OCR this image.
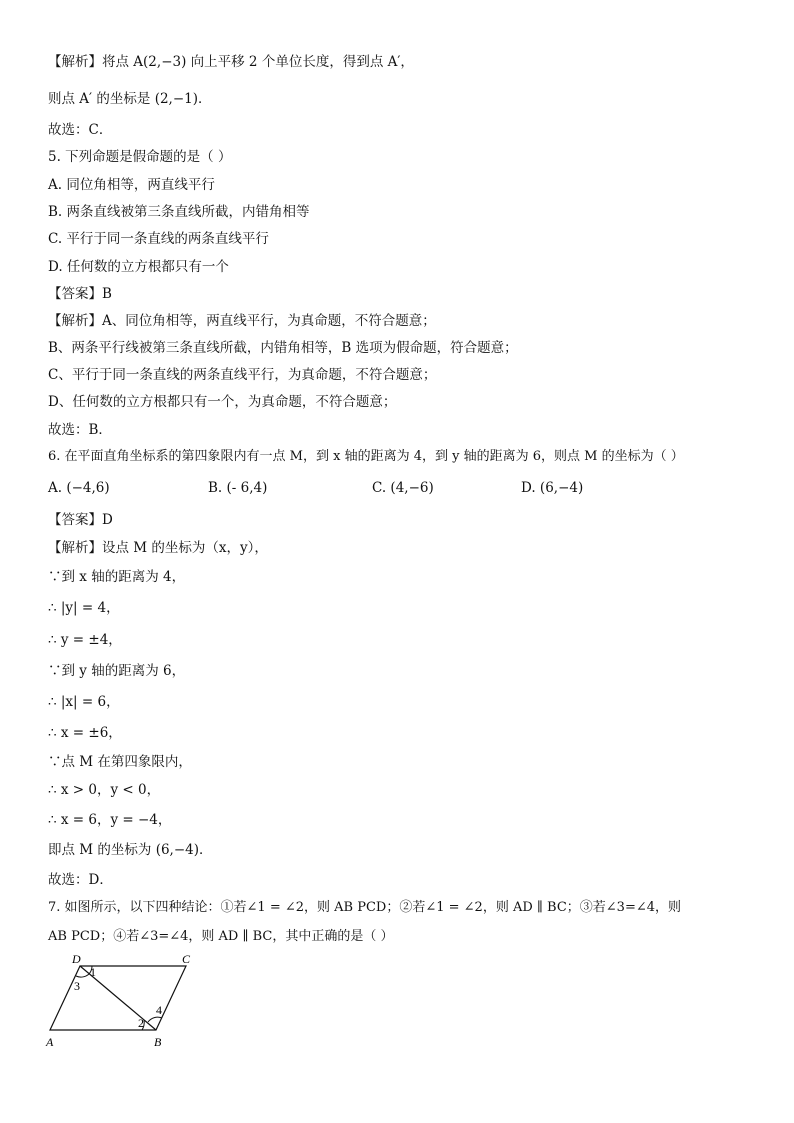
【解析】将点 A(2,−3) 向上平移 2 个单位长度，得到点 A′，
则点 A′ 的坐标是 (2,−1)．
故选：C．
5. 下列命题是假命题的是（ ）
A. 同位角相等，两直线平行
B. 两条直线被第三条直线所截，内错角相等
C. 平行于同一条直线的两条直线平行
D. 任何数的立方根都只有一个
【答案】B
【解析】A、同位角相等，两直线平行，为真命题，不符合题意；
B、两条平行线被第三条直线所截，内错角相等，B 选项为假命题，符合题意；
C、平行于同一条直线的两条直线平行，为真命题，不符合题意；
D、任何数的立方根都只有一个，为真命题，不符合题意；
故选：B．
6. 在平面直角坐标系的第四象限内有一点 M，到 x 轴的距离为 4，到 y 轴的距离为 6，则点 M 的坐标为（ ）
A. (−4,6)	B. (- 6,4)	C. (4,−6)	D. (6,−4)
【答案】D
【解析】设点 M 的坐标为（x，y），
∵到 x 轴的距离为 4，
∴ |y| = 4，
∴ y = ±4，
∵到 y 轴的距离为 6，
∴ |x| = 6，
∴ x = ±6，
∵点 M 在第四象限内，
∴ x > 0，y < 0，
∴ x = 6，y = −4，
即点 M 的坐标为 (6,−4)．
故选：D．
7. 如图所示，以下四种结论：①若∠1 = ∠2，则 AB PCD；②若∠1 = ∠2，则 AD ∥ BC；③若∠3=∠4，则
AB PCD；④若∠3=∠4，则 AD ∥ BC，其中正确的是（ ）
D	C
A	B
1
2
3
4
